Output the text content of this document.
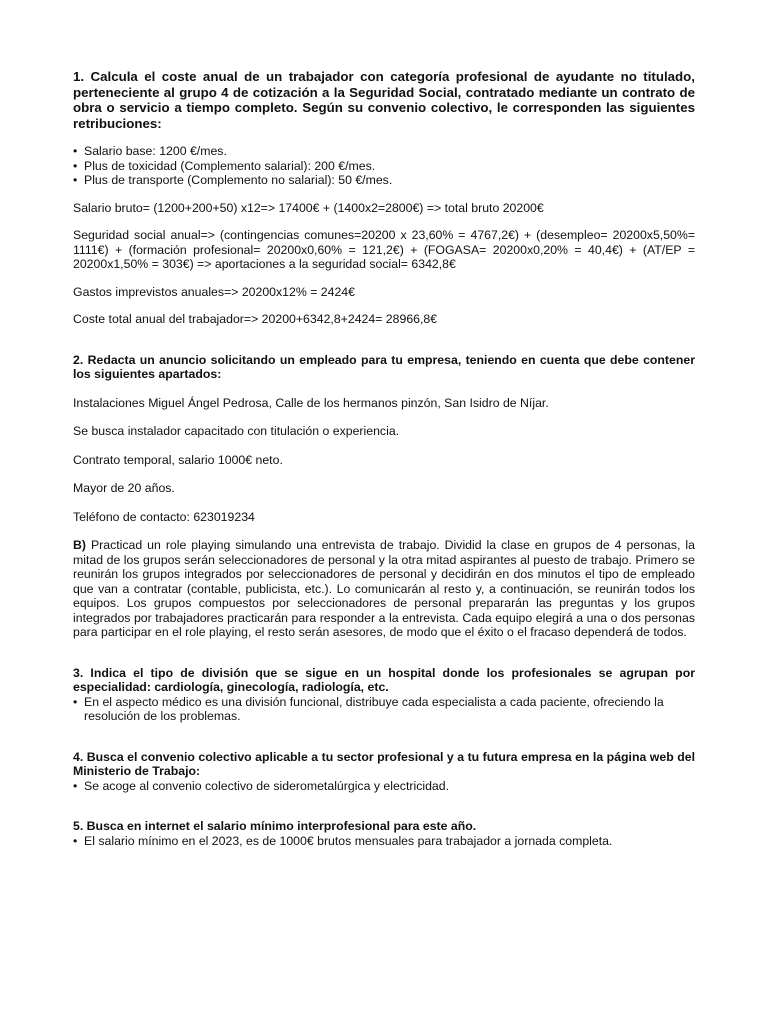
1. Calcula el coste anual de un trabajador con categoría profesional de ayudante no titulado, perteneciente al grupo 4 de cotización a la Seguridad Social, contratado mediante un contrato de obra o servicio a tiempo completo. Según su convenio colectivo, le corresponden las siguientes retribuciones:

• Salario base: 1200 €/mes.
• Plus de toxicidad (Complemento salarial): 200 €/mes.
• Plus de transporte (Complemento no salarial): 50 €/mes.

Salario bruto= (1200+200+50) x12=> 17400€ + (1400x2=2800€) => total bruto 20200€

Seguridad social anual=> (contingencias comunes=20200 x 23,60% = 4767,2€) + (desempleo= 20200x5,50%= 1111€) + (formación profesional= 20200x0,60% = 121,2€) + (FOGASA= 20200x0,20% = 40,4€) + (AT/EP = 20200x1,50% = 303€) => aportaciones a la seguridad social= 6342,8€

Gastos imprevistos anuales=> 20200x12% = 2424€

Coste total anual del trabajador=> 20200+6342,8+2424= 28966,8€

2. Redacta un anuncio solicitando un empleado para tu empresa, teniendo en cuenta que debe contener los siguientes apartados:

Instalaciones Miguel Ángel Pedrosa, Calle de los hermanos pinzón, San Isidro de Níjar.

Se busca instalador capacitado con titulación o experiencia.

Contrato temporal, salario 1000€ neto.

Mayor de 20 años.

Teléfono de contacto: 623019234

B) Practicad un role playing simulando una entrevista de trabajo. Dividid la clase en grupos de 4 personas, la mitad de los grupos serán seleccionadores de personal y la otra mitad aspirantes al puesto de trabajo. Primero se reunirán los grupos integrados por seleccionadores de personal y decidirán en dos minutos el tipo de empleado que van a contratar (contable, publicista, etc.). Lo comunicarán al resto y, a continuación, se reunirán todos los equipos. Los grupos compuestos por seleccionadores de personal prepararán las preguntas y los grupos integrados por trabajadores practicarán para responder a la entrevista. Cada equipo elegirá a una o dos personas para participar en el role playing, el resto serán asesores, de modo que el éxito o el fracaso dependerá de todos.

3. Indica el tipo de división que se sigue en un hospital donde los profesionales se agrupan por especialidad: cardiología, ginecología, radiología, etc.

• En el aspecto médico es una división funcional, distribuye cada especialista a cada paciente, ofreciendo la resolución de los problemas.

4. Busca el convenio colectivo aplicable a tu sector profesional y a tu futura empresa en la página web del Ministerio de Trabajo:

• Se acoge al convenio colectivo de siderometalúrgica y electricidad.

5. Busca en internet el salario mínimo interprofesional para este año.

• El salario mínimo en el 2023, es de 1000€ brutos mensuales para trabajador a jornada completa.
